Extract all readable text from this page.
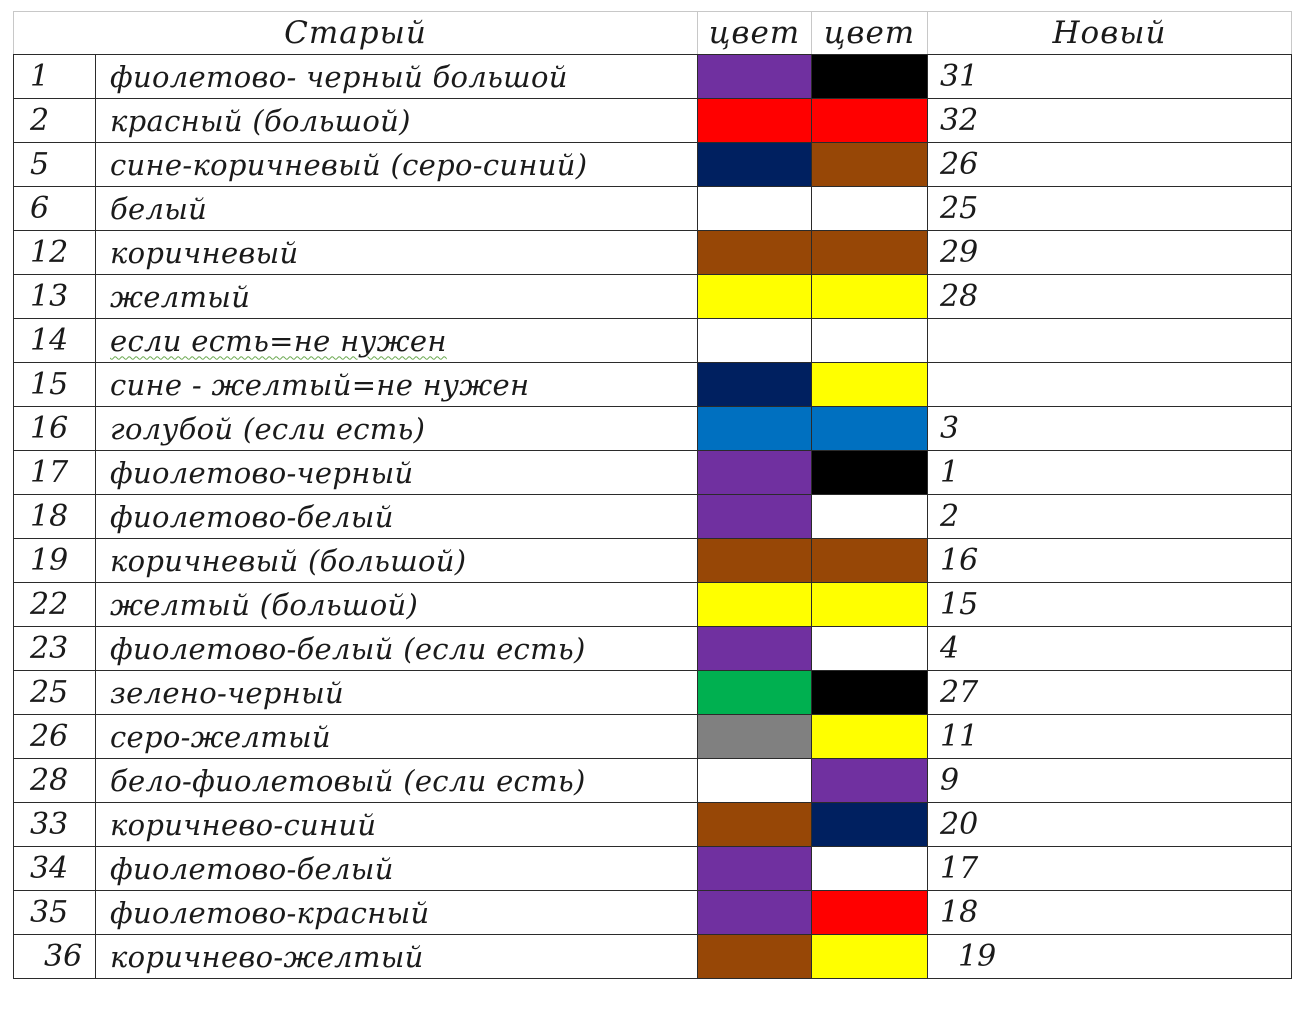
Старый		цвет	цвет	Новый
1	фиолетово- черный большой			31
2	красный (большой)			32
5	сине-коричневый (серо-синий)			26
6	белый			25
12	коричневый			29
13	желтый			28
14	если есть=не нужен			
15	сине - желтый=не нужен			
16	голубой (если есть)			3
17	фиолетово-черный			1
18	фиолетово-белый			2
19	коричневый (большой)			16
22	желтый (большой)			15
23	фиолетово-белый (если есть)			4
25	зелено-черный			27
26	серо-желтый			11
28	бело-фиолетовый (если есть)			9
33	коричнево-синий			20
34	фиолетово-белый			17
35	фиолетово-красный			18
36	коричнево-желтый			19
